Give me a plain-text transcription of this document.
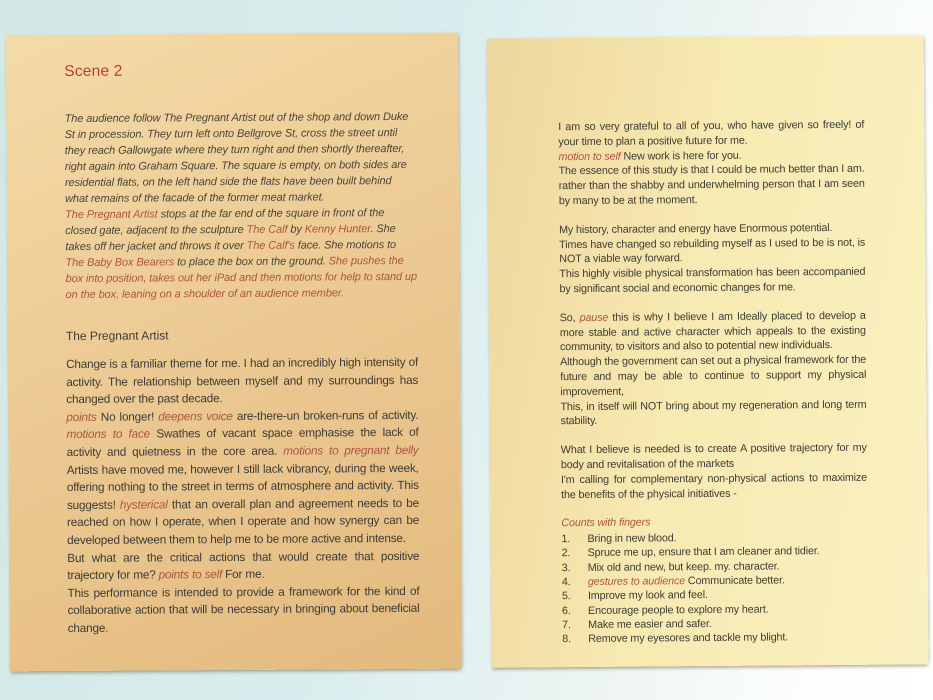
Scene 2

The audience follow The Pregnant Artist out of the shop and down Duke St in procession. They turn left onto Bellgrove St, cross the street until they reach Gallowgate where they turn right and then shortly thereafter, right again into Graham Square. The square is empty, on both sides are residential flats, on the left hand side the flats have been built behind what remains of the facade of the former meat market.

The Pregnant Artist stops at the far end of the square in front of the closed gate, adjacent to the sculpture The Calf by Kenny Hunter. She takes off her jacket and throws it over The Calf's face. She motions to The Baby Box Bearers to place the box on the ground. She pushes the box into position, takes out her iPad and then motions for help to stand up on the box, leaning on a shoulder of an audience member.

The Pregnant Artist

Change is a familiar theme for me. I had an incredibly high intensity of activity. The relationship between myself and my surroundings has changed over the past decade.

points No longer! deepens voice are-there-un broken-runs of activity. motions to face Swathes of vacant space emphasise the lack of activity and quietness in the core area. motions to pregnant belly Artists have moved me, however I still lack vibrancy, during the week, offering nothing to the street in terms of atmosphere and activity. This suggests! hysterical that an overall plan and agreement needs to be reached on how I operate, when I operate and how synergy can be developed between them to help me to be more active and intense.

But what are the critical actions that would create that positive trajectory for me? points to self For me.

This performance is intended to provide a framework for the kind of collaborative action that will be necessary in bringing about beneficial change.

I am so very grateful to all of you, who have given so freely! of your time to plan a positive future for me.

motion to self New work is here for you.

The essence of this study is that I could be much better than I am. rather than the shabby and underwhelming person that I am seen by many to be at the moment.

My history, character and energy have Enormous potential.

Times have changed so rebuilding myself as I used to be is not, is NOT a viable way forward.

This highly visible physical transformation has been accompanied by significant social and economic changes for me.

So, pause this is why I believe I am Ideally placed to develop a more stable and active character which appeals to the existing community, to visitors and also to potential new individuals.

Although the government can set out a physical framework for the future and may be able to continue to support my physical improvement,

This, in itself will NOT bring about my regeneration and long term stability.

What I believe is needed is to create A positive trajectory for my body and revitalisation of the markets

I'm calling for complementary non-physical actions to maximize the benefits of the physical initiatives -

Counts with fingers

1.	Bring in new blood.
2.	Spruce me up, ensure that I am cleaner and tidier.
3.	Mix old and new, but keep. my. character.
4.	gestures to audience Communicate better.
5.	Improve my look and feel.
6.	Encourage people to explore my heart.
7.	Make me easier and safer.
8.	Remove my eyesores and tackle my blight.
